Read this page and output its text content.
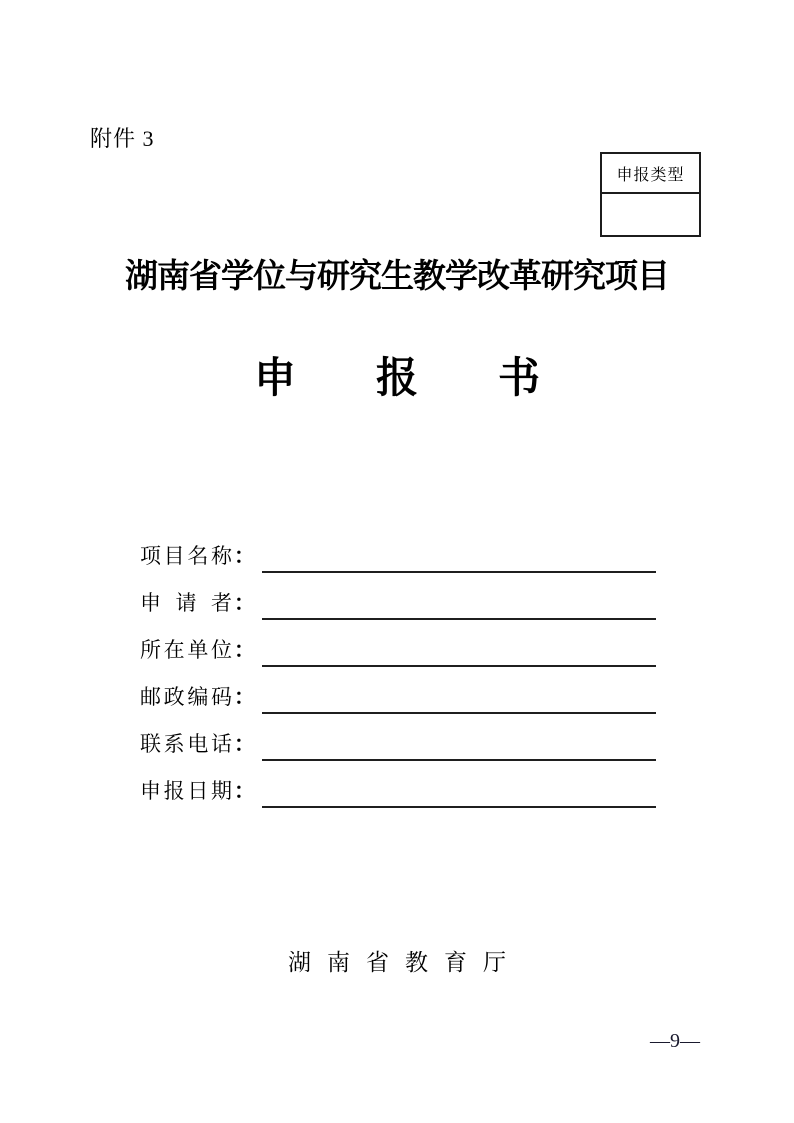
附件 3
申报类型
湖南省学位与研究生教学改革研究项目
申报书
项目名称 ：
申请者 ：
所在单位 ：
邮政编码 ：
联系电话 ：
申报日期 ：
湖南省教育厅
—9—
